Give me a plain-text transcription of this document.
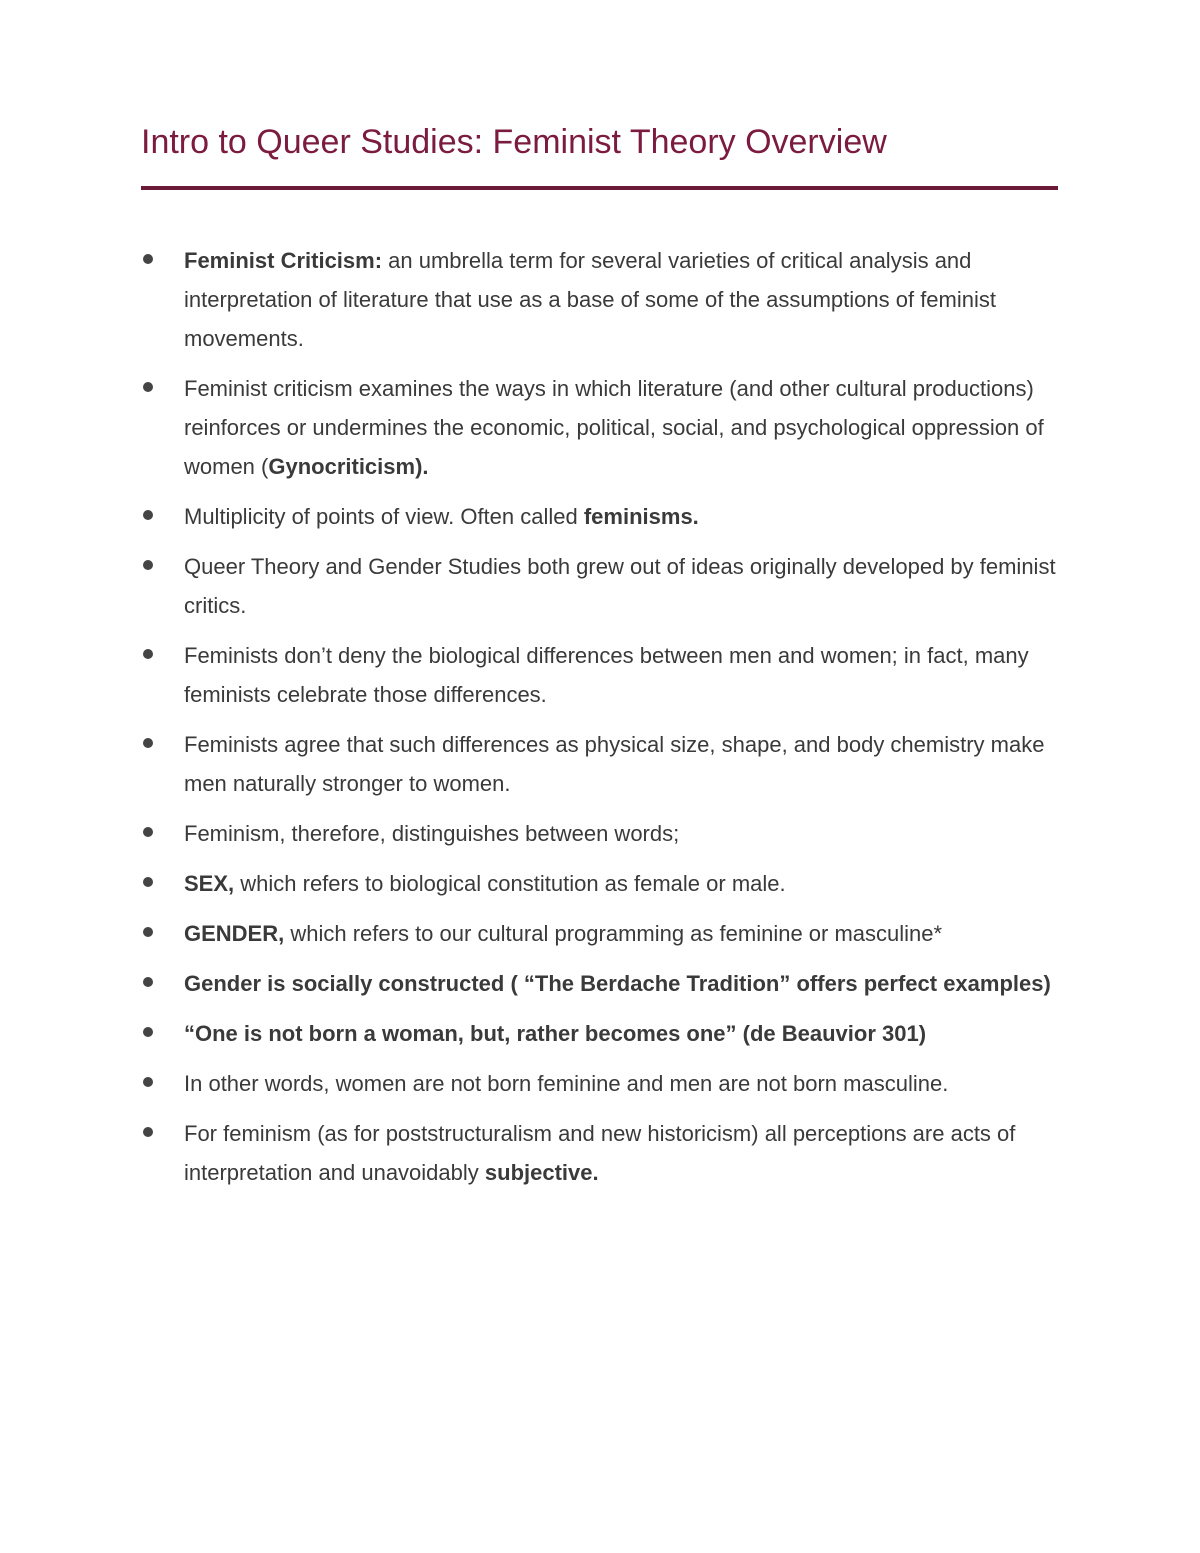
Intro to Queer Studies: Feminist Theory Overview
Feminist Criticism: an umbrella term for several varieties of critical analysis and interpretation of literature that use as a base of some of the assumptions of feminist movements.
Feminist criticism examines the ways in which literature (and other cultural productions) reinforces or undermines the economic, political, social, and psychological oppression of women (Gynocriticism).
Multiplicity of points of view. Often called feminisms.
Queer Theory and Gender Studies both grew out of ideas originally developed by feminist critics.
Feminists don’t deny the biological differences between men and women; in fact, many feminists celebrate those differences.
Feminists agree that such differences as physical size, shape, and body chemistry make men naturally stronger to women.
Feminism, therefore, distinguishes between words;
SEX, which refers to biological constitution as female or male.
GENDER, which refers to our cultural programming as feminine or masculine*
Gender is socially constructed ( “The Berdache Tradition” offers perfect examples)
“One is not born a woman, but, rather becomes one” (de Beauvior 301)
In other words, women are not born feminine and men are not born masculine.
For feminism (as for poststructuralism and new historicism) all perceptions are acts of interpretation and unavoidably subjective.
